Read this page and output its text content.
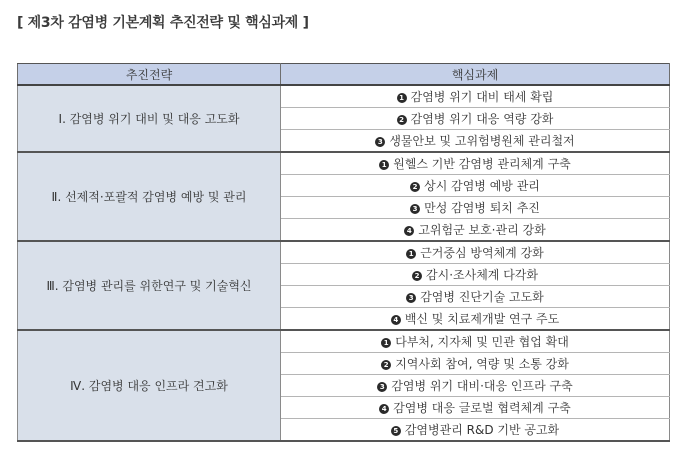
[ 제3차 감염병 기본계획 추진전략 및 핵심과제 ]
추진전략	핵심과제
Ⅰ. 감염병 위기 대비 및 대응 고도화	1 감염병 위기 대비 태세 확립
	2 감염병 위기 대응 역량 강화
	3 생물안보 및 고위험병원체 관리철저
Ⅱ. 선제적·포괄적 감염병 예방 및 관리	1 원헬스 기반 감염병 관리체계 구축
	2 상시 감염병 예방 관리
	3 만성 감염병 퇴치 추진
	4 고위험군 보호·관리 강화
Ⅲ. 감염병 관리를 위한연구 및 기술혁신	1 근거중심 방역체계 강화
	2 감시·조사체계 다각화
	3 감염병 진단기술 고도화
	4 백신 및 치료제개발 연구 주도
Ⅳ. 감염병 대응 인프라 견고화	1 다부처, 지자체 및 민관 협업 확대
	2 지역사회 참여, 역량 및 소통 강화
	3 감염병 위기 대비·대응 인프라 구축
	4 감염병 대응 글로벌 협력체계 구축
	5 감염병관리 R&D 기반 공고화
